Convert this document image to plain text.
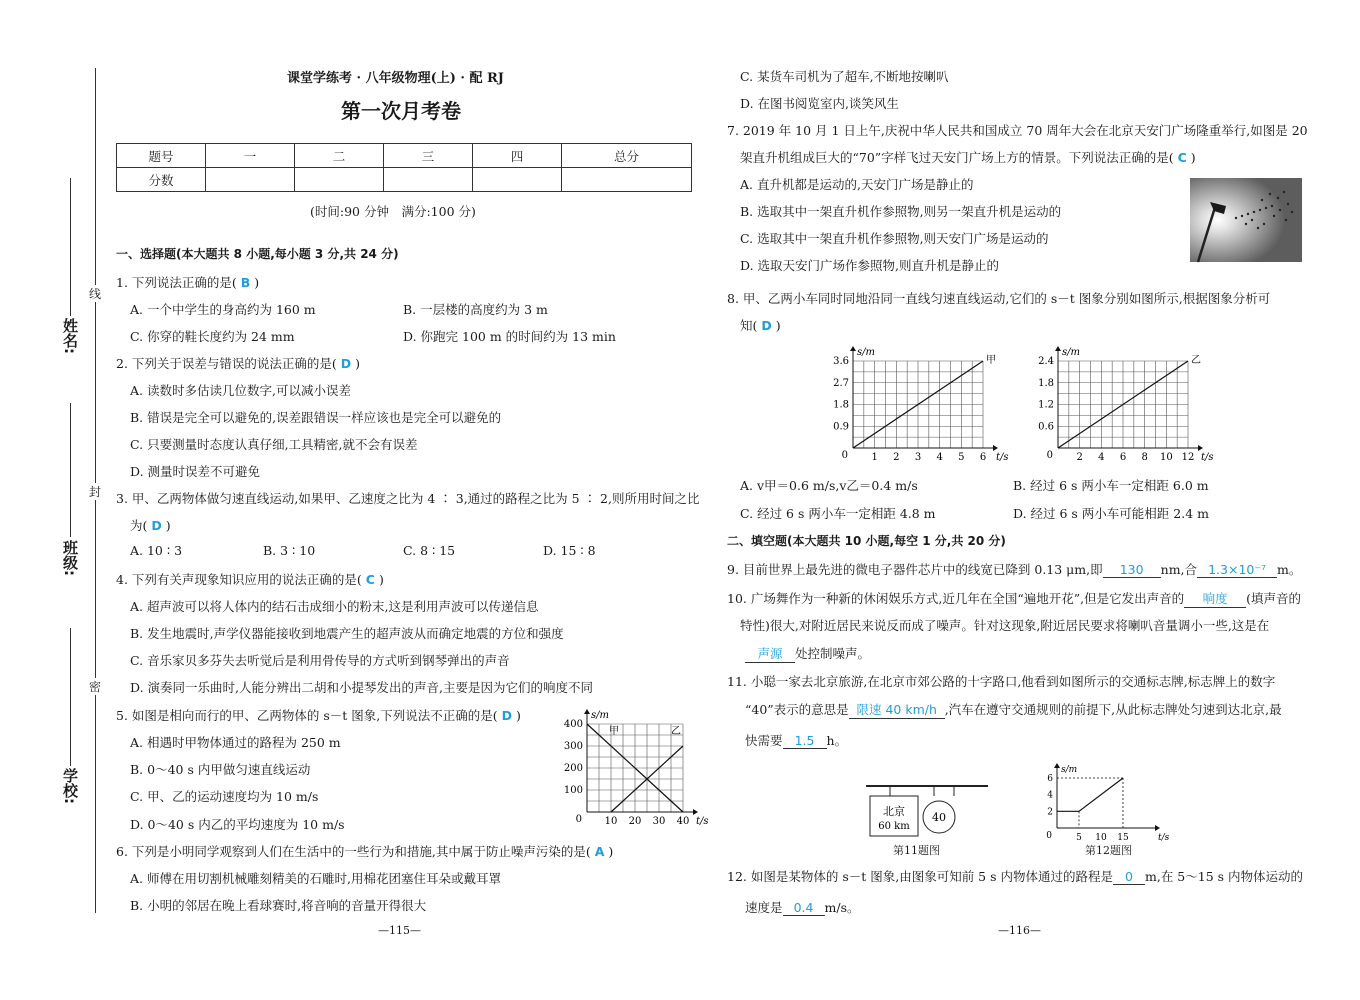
线
封
密
姓名:
班级:
学校:
课堂学练考 · 八年级物理(上) · 配 RJ
第一次月考卷
题号	一	二	三	四	总分
分数					
(时间:90 分钟　满分:100 分)
一、选择题(本大题共 8 小题,每小题 3 分,共 24 分)
1. 下列说法正确的是( B )
A. 一个中学生的身高约为 160 m	B. 一层楼的高度约为 3 m
C. 你穿的鞋长度约为 24 mm	D. 你跑完 100 m 的时间约为 13 min
2. 下列关于误差与错误的说法正确的是( D )
A. 读数时多估读几位数字,可以减小误差
B. 错误是完全可以避免的,误差跟错误一样应该也是完全可以避免的
C. 只要测量时态度认真仔细,工具精密,就不会有误差
D. 测量时误差不可避免
3. 甲、乙两物体做匀速直线运动,如果甲、乙速度之比为 4 ∶ 3,通过的路程之比为 5 ∶ 2,则所用时间之比
为( D )
A. 10 ∶ 3	B. 3 ∶ 10	C. 8 ∶ 15	D. 15 ∶ 8
4. 下列有关声现象知识应用的说法正确的是( C )
A. 超声波可以将人体内的结石击成细小的粉末,这是利用声波可以传递信息
B. 发生地震时,声学仪器能接收到地震产生的超声波从而确定地震的方位和强度
C. 音乐家贝多芬失去听觉后是利用骨传导的方式听到钢琴弹出的声音
D. 演奏同一乐曲时,人能分辨出二胡和小提琴发出的声音,主要是因为它们的响度不同
5. 如图是相向而行的甲、乙两物体的 s－t 图象,下列说法不正确的是( D )
A. 相遇时甲物体通过的路程为 250 m
B. 0～40 s 内甲做匀速直线运动
C. 甲、乙的运动速度均为 10 m/s
D. 0～40 s 内乙的平均速度为 10 m/s
s/m
t/s
0 10 20 30 40
100
200
300
400
甲	乙
6. 下列是小明同学观察到人们在生活中的一些行为和措施,其中属于防止噪声污染的是( A )
A. 师傅在用切割机械雕刻精美的石雕时,用棉花团塞住耳朵或戴耳罩
B. 小明的邻居在晚上看球赛时,将音响的音量开得很大
—115—
C. 某货车司机为了超车,不断地按喇叭
D. 在图书阅览室内,谈笑风生
7. 2019 年 10 月 1 日上午,庆祝中华人民共和国成立 70 周年大会在北京天安门广场隆重举行,如图是 20
架直升机组成巨大的“70”字样飞过天安门广场上方的情景。下列说法正确的是( C )
A. 直升机都是运动的,天安门广场是静止的
B. 选取其中一架直升机作参照物,则另一架直升机是运动的
C. 选取其中一架直升机作参照物,则天安门广场是运动的
D. 选取天安门广场作参照物,则直升机是静止的
8. 甲、乙两小车同时同地沿同一直线匀速直线运动,它们的 s－t 图象分别如图所示,根据图象分析可
知( D )
s/m
t/s
0 1 2 3 4 5 6
0.9
1.8
2.7
3.6	甲
s/m
t/s
0 2 4 6 8 10 12
0.6
1.2
1.8
2.4	乙
A. v甲＝0.6 m/s,v乙＝0.4 m/s	B. 经过 6 s 两小车一定相距 6.0 m
C. 经过 6 s 两小车一定相距 4.8 m	D. 经过 6 s 两小车可能相距 2.4 m
二、填空题(本大题共 10 小题,每空 1 分,共 20 分)
9. 目前世界上最先进的微电子器件芯片中的线宽已降到 0.13 μm,即 130 nm,合 1.3×10⁻⁷ m。
10. 广场舞作为一种新的休闲娱乐方式,近几年在全国“遍地开花”,但是它发出声音的 响度 (填声音的
特性)很大,对附近居民来说反而成了噪声。针对这现象,附近居民要求将喇叭音量调小一些,这是在
声源 处控制噪声。
11. 小聪一家去北京旅游,在北京市郊公路的十字路口,他看到如图所示的交通标志牌,标志牌上的数字
“40”表示的意思是 限速 40 km/h ,汽车在遵守交通规则的前提下,从此标志牌处匀速到达北京,最
快需要 1.5 h。
北京
60 km
40
第11题图
s/m
t/s
0	5 10 15
2
4
6
第12题图
12. 如图是某物体的 s－t 图象,由图象可知前 5 s 内物体通过的路程是 0 m,在 5～15 s 内物体运动的
速度是 0.4 m/s。
—116—
